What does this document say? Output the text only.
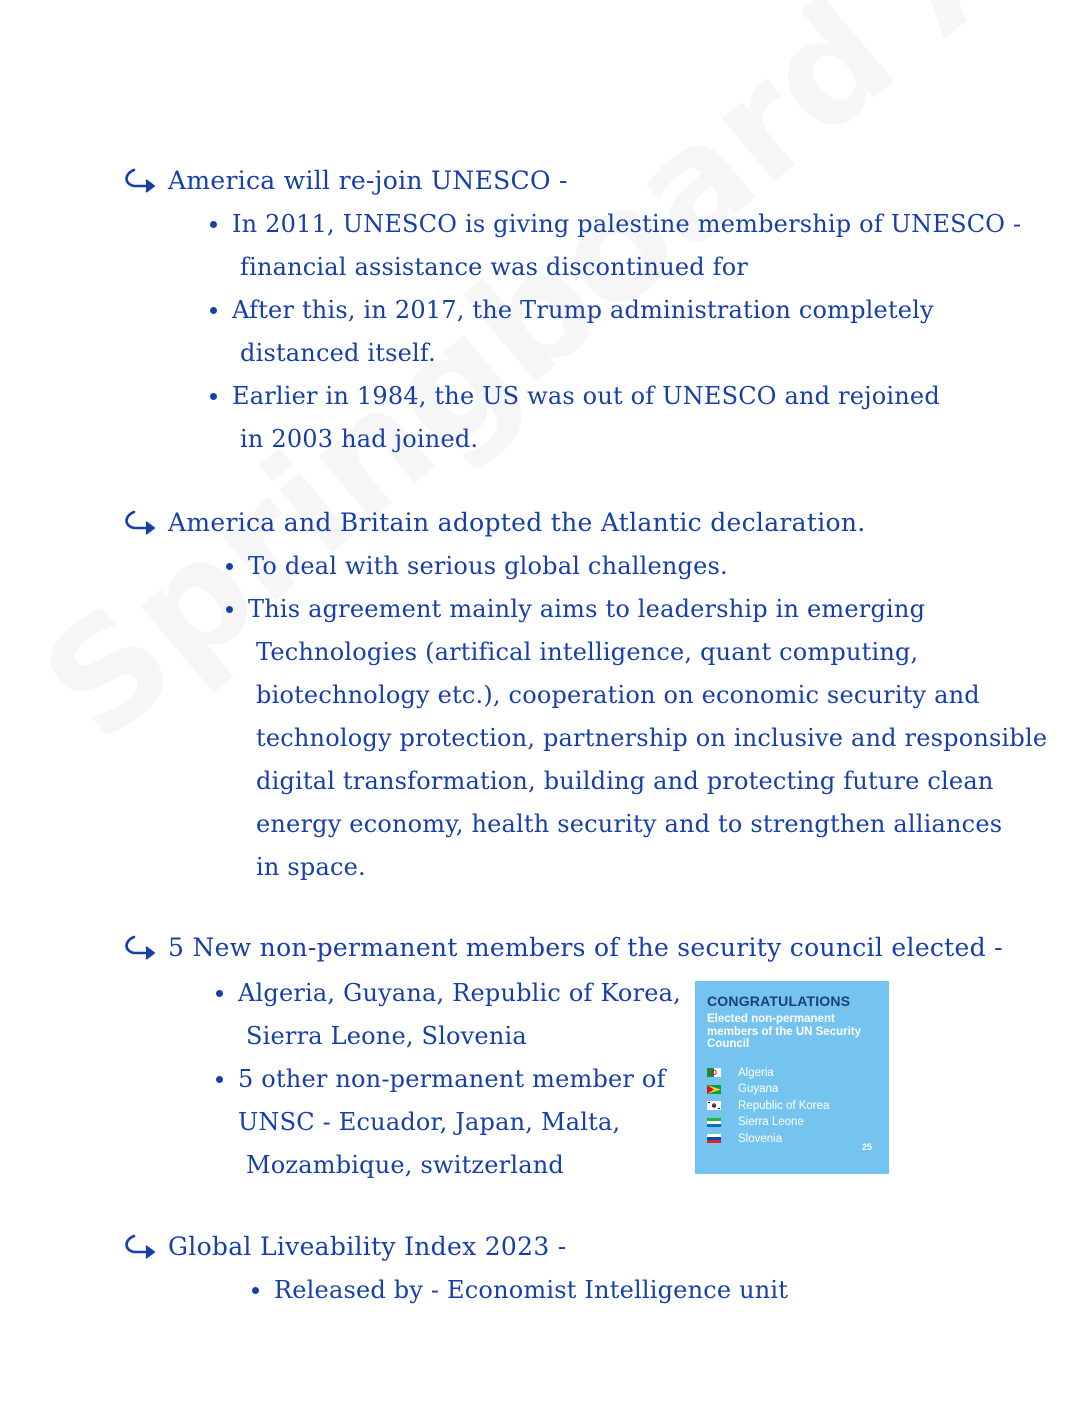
America will re-join UNESCO -
In 2011, UNESCO is giving palestine membership of UNESCO -
financial assistance was discontinued for
After this, in 2017, the Trump administration completely
distanced itself.
Earlier in 1984, the US was out of UNESCO and rejoined
in 2003 had joined.
America and Britain adopted the Atlantic declaration.
To deal with serious global challenges.
This agreement mainly aims to leadership in emerging
Technologies (artifical intelligence, quant computing,
biotechnology etc.), cooperation on economic security and
technology protection, partnership on inclusive and responsible
digital transformation, building and protecting future clean
energy economy, health security and to strengthen alliances
in space.
5 New non-permanent members of the security council elected -
Algeria, Guyana, Republic of Korea,
Sierra Leone, Slovenia
5 other non-permanent member of
UNSC - Ecuador, Japan, Malta,
Mozambique, switzerland
CONGRATULATIONS
Elected non-permanent members of the UN Security Council
Algeria
Guyana
Republic of Korea
Sierra Leone
Slovenia
25
Global Liveability Index 2023 -
Released by - Economist Intelligence unit
